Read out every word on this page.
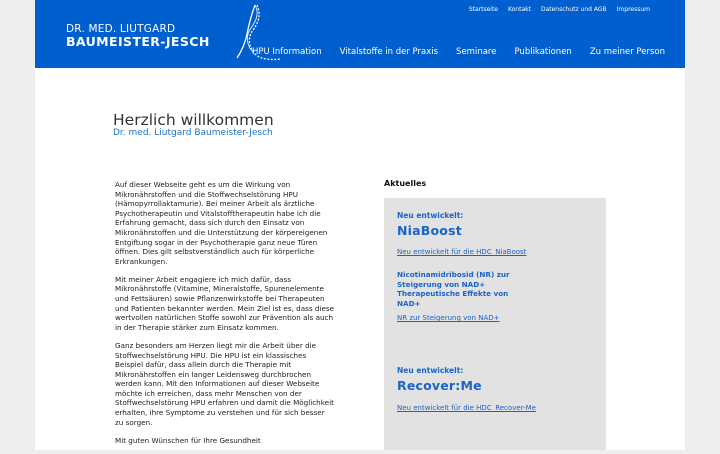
DR. MED. LIUTGARD
BAUMEISTER-JESCH
Startseite Kontakt Datenschutz und AGB Impressum
HPU Information Vitalstoffe in der Praxis Seminare Publikationen Zu meiner Person
Herzlich willkommen
Dr. med. Liutgard Baumeister-Jesch

Auf dieser Webseite geht es um die Wirkung von Mikronährstoffen und die Stoffwechselstörung HPU (Hämopyrrollaktamurie). Bei meiner Arbeit als ärztliche Psychotherapeutin und Vitalstofftherapeutin habe ich die Erfahrung gemacht, dass sich durch den Einsatz von Mikronährstoffen und die Unterstützung der körpereigenen Entgiftung sogar in der Psychotherapie ganz neue Türen öffnen. Dies gilt selbstverständlich auch für körperliche Erkrankungen.

Mit meiner Arbeit engagiere ich mich dafür, dass Mikronährstoffe (Vitamine, Mineralstoffe, Spurenelemente und Fettsäuren) sowie Pflanzenwirkstoffe bei Therapeuten und Patienten bekannter werden. Mein Ziel ist es, dass diese wertvollen natürlichen Stoffe sowohl zur Prävention als auch in der Therapie stärker zum Einsatz kommen.

Ganz besonders am Herzen liegt mir die Arbeit über die Stoffwechselstörung HPU. Die HPU ist ein klassisches Beispiel dafür, dass allein durch die Therapie mit Mikronährstoffen ein langer Leidensweg durchbrochen werden kann. Mit den Informationen auf dieser Webseite möchte ich erreichen, dass mehr Menschen von der Stoffwechselstörung HPU erfahren und damit die Möglichkeit erhalten, ihre Symptome zu verstehen und für sich besser zu sorgen.

Mit guten Wünschen für Ihre Gesundheit

Aktuelles
Neu entwickelt:
NiaBoost
Neu entwickelt für die HDC_NiaBoost
Nicotinamidribosid (NR) zur Steigerung von NAD+ Therapeutische Effekte von NAD+
NR zur Steigerung von NAD+
Neu entwickelt:
Recover:Me
Neu entwickelt für die HDC_Recover-Me
